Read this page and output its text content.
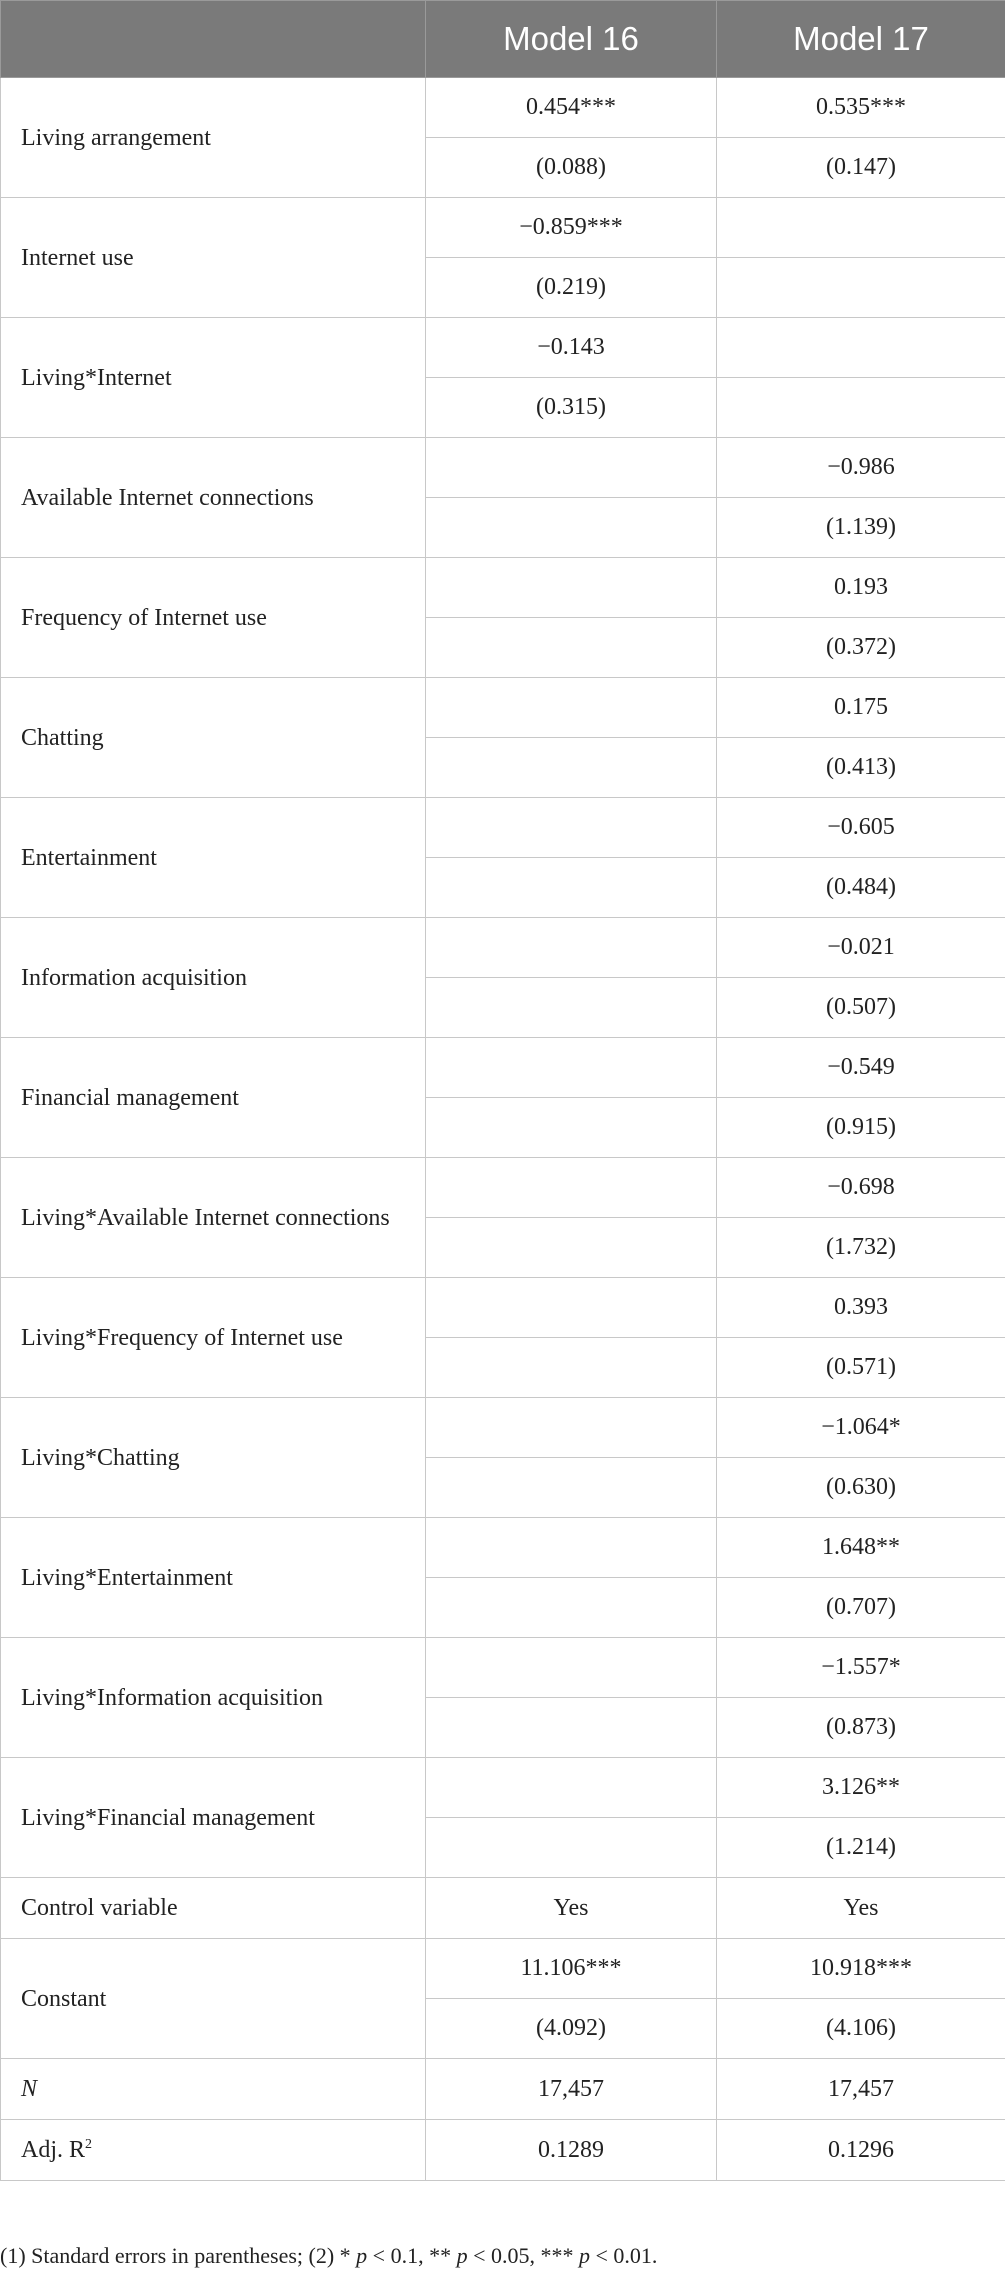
	Model 16	Model 17
Living arrangement	0.454***	0.535***
	(0.088)	(0.147)
Internet use	−0.859***	
	(0.219)	
Living*Internet	−0.143	
	(0.315)	
Available Internet connections		−0.986
		(1.139)
Frequency of Internet use		0.193
		(0.372)
Chatting		0.175
		(0.413)
Entertainment		−0.605
		(0.484)
Information acquisition		−0.021
		(0.507)
Financial management		−0.549
		(0.915)
Living*Available Internet connections		−0.698
		(1.732)
Living*Frequency of Internet use		0.393
		(0.571)
Living*Chatting		−1.064*
		(0.630)
Living*Entertainment		1.648**
		(0.707)
Living*Information acquisition		−1.557*
		(0.873)
Living*Financial management		3.126**
		(1.214)
Control variable	Yes	Yes
Constant	11.106***	10.918***
	(4.092)	(4.106)
N	17,457	17,457
Adj. $R^2$	0.1289	0.1296
(1) Standard errors in parentheses; (2) * p < 0.1, ** p < 0.05, *** p < 0.01.
